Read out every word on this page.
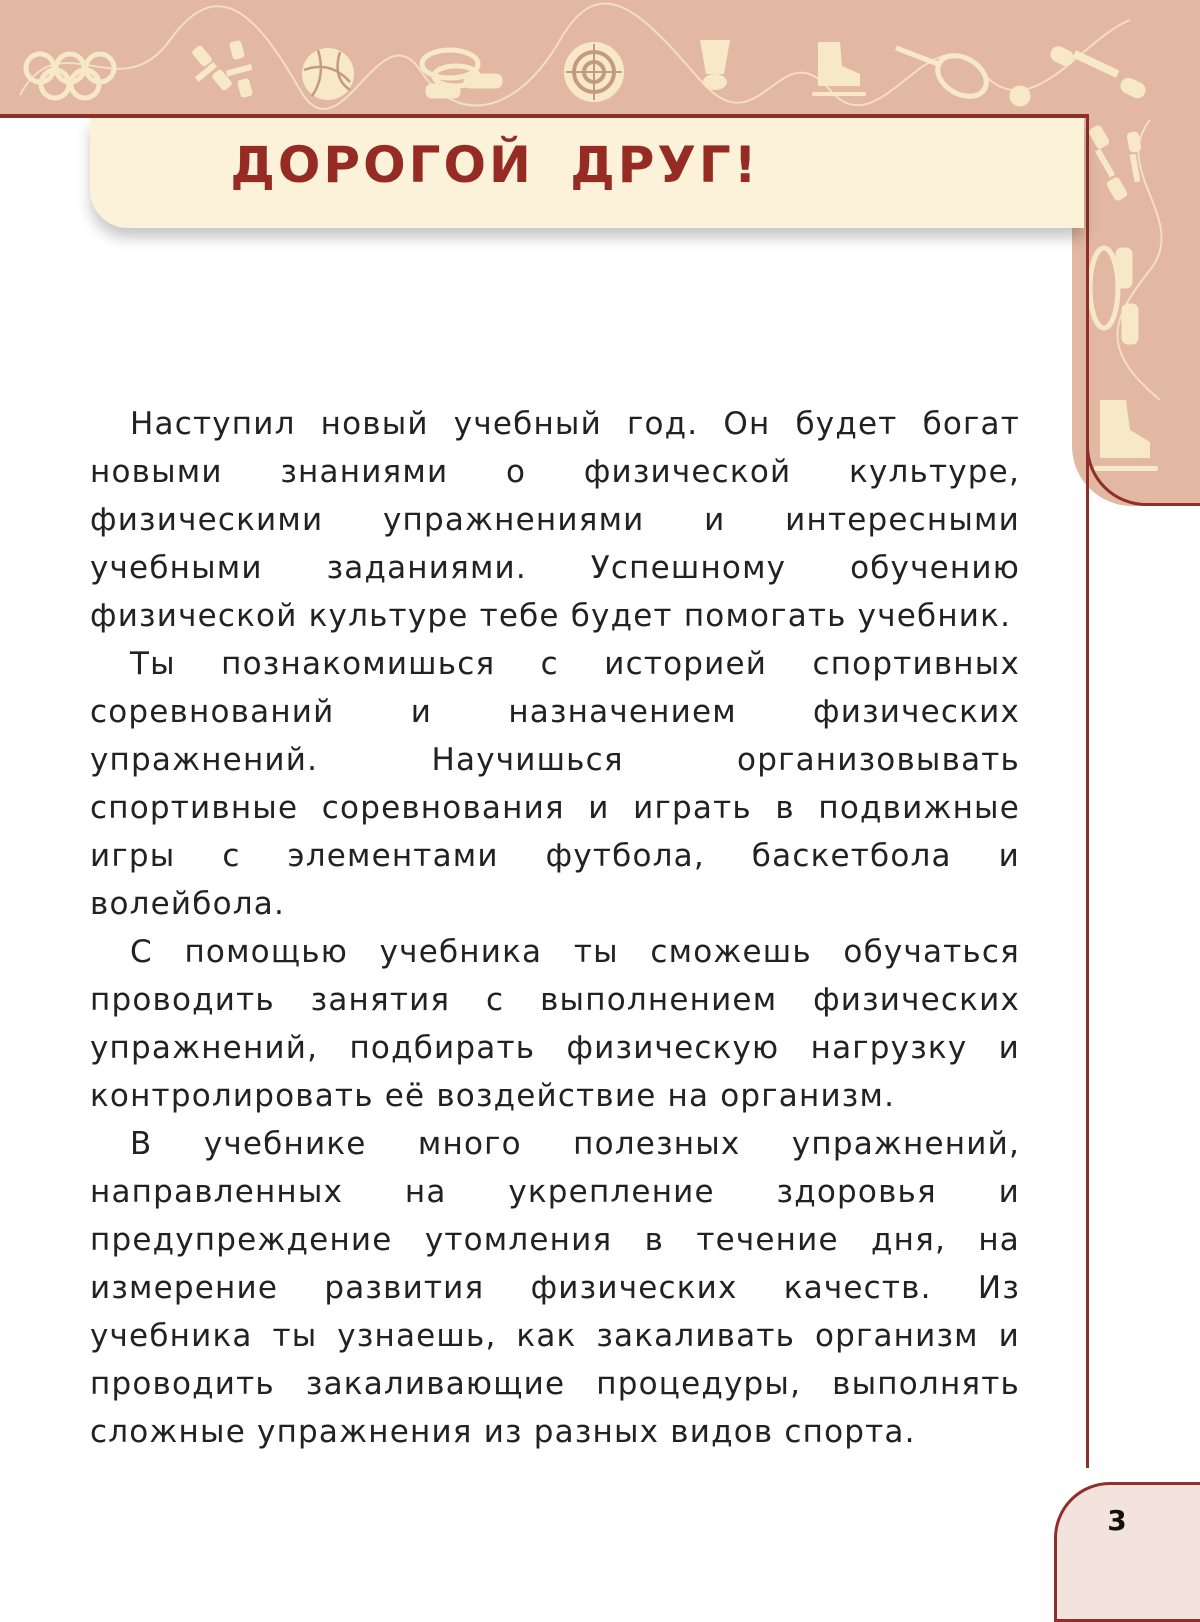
ДОРОГОЙ ДРУГ!

Наступил новый учебный год. Он будет богат новыми знаниями о физической культуре, физическими упражнениями и интересными учебными заданиями. Успешному обучению физической культуре тебе будет помогать учебник.

Ты познакомишься с историей спортивных соревнований и назначением физических упражнений. Научишься организовывать спортивные соревнования и играть в подвижные игры с элементами футбола, баскетбола и волейбола.

С помощью учебника ты сможешь обучаться проводить занятия с выполнением физических упражнений, подбирать физическую нагрузку и контролировать её воздействие на организм.

В учебнике много полезных упражнений, направленных на укрепление здоровья и предупреждение утомления в течение дня, на измерение развития физических качеств. Из учебника ты узнаешь, как закаливать организм и проводить закаливающие процедуры, выполнять сложные упражнения из разных видов спорта.

3
